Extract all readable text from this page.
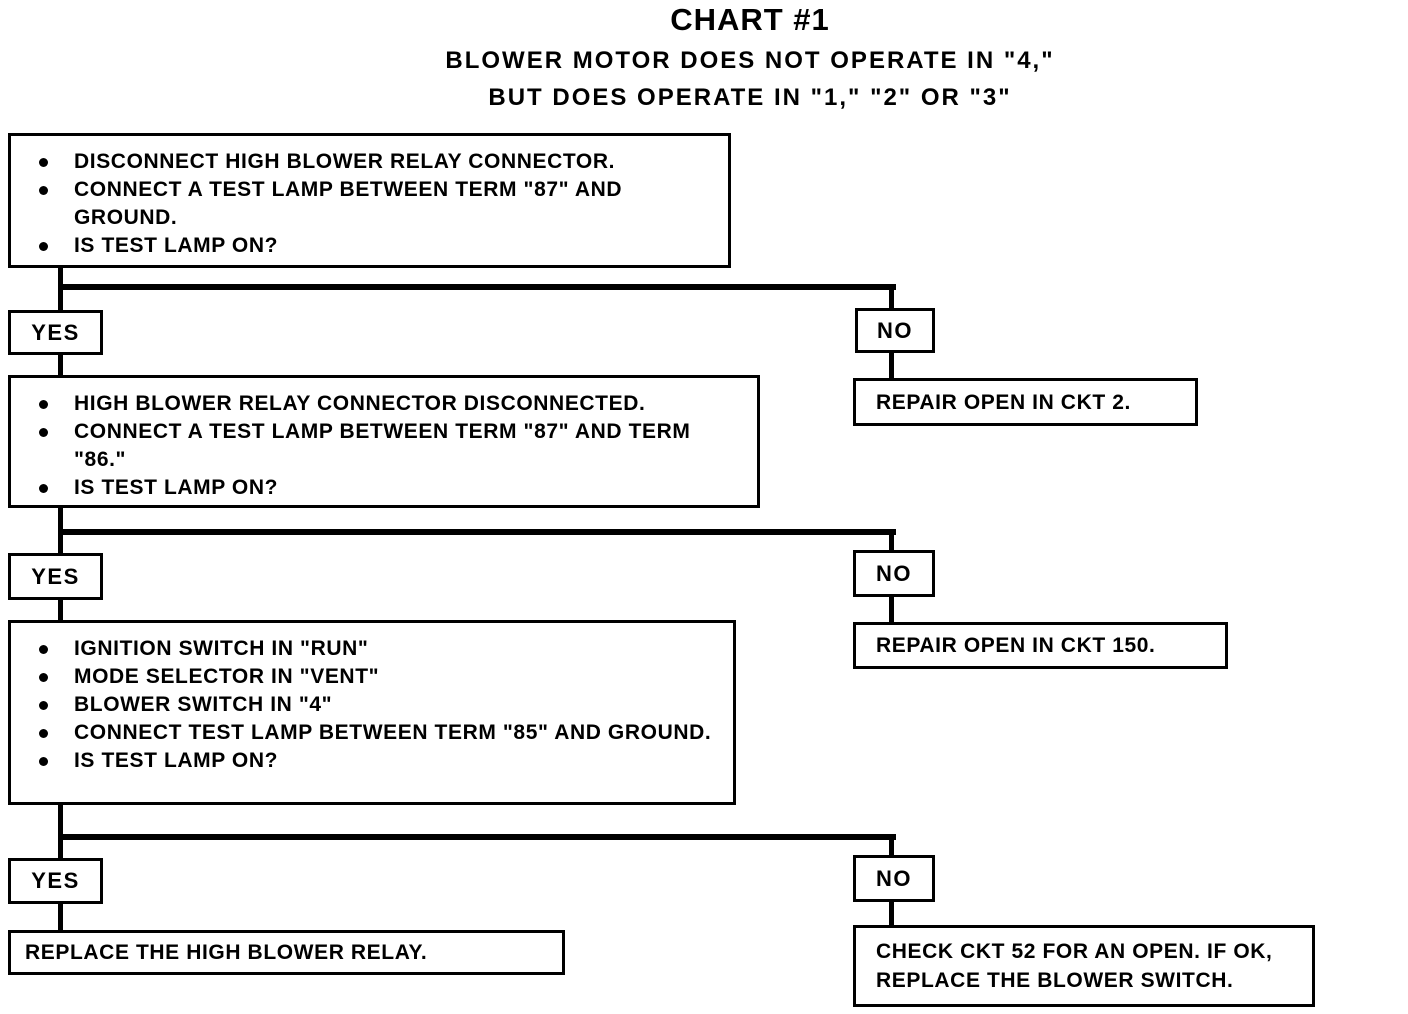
CHART #1
BLOWER MOTOR DOES NOT OPERATE IN "4,"
BUT DOES OPERATE IN "1," "2" OR "3"
DISCONNECT HIGH BLOWER RELAY CONNECTOR.
CONNECT A TEST LAMP BETWEEN TERM "87" AND GROUND.
IS TEST LAMP ON?
YES	NO
REPAIR OPEN IN CKT 2.
HIGH BLOWER RELAY CONNECTOR DISCONNECTED.
CONNECT A TEST LAMP BETWEEN TERM "87" AND TERM "86."
IS TEST LAMP ON?
YES	NO
REPAIR OPEN IN CKT 150.
IGNITION SWITCH IN "RUN"
MODE SELECTOR IN "VENT"
BLOWER SWITCH IN "4"
CONNECT TEST LAMP BETWEEN TERM "85" AND GROUND.
IS TEST LAMP ON?
YES	NO
REPLACE THE HIGH BLOWER RELAY.	CHECK CKT 52 FOR AN OPEN. IF OK, REPLACE THE BLOWER SWITCH.
